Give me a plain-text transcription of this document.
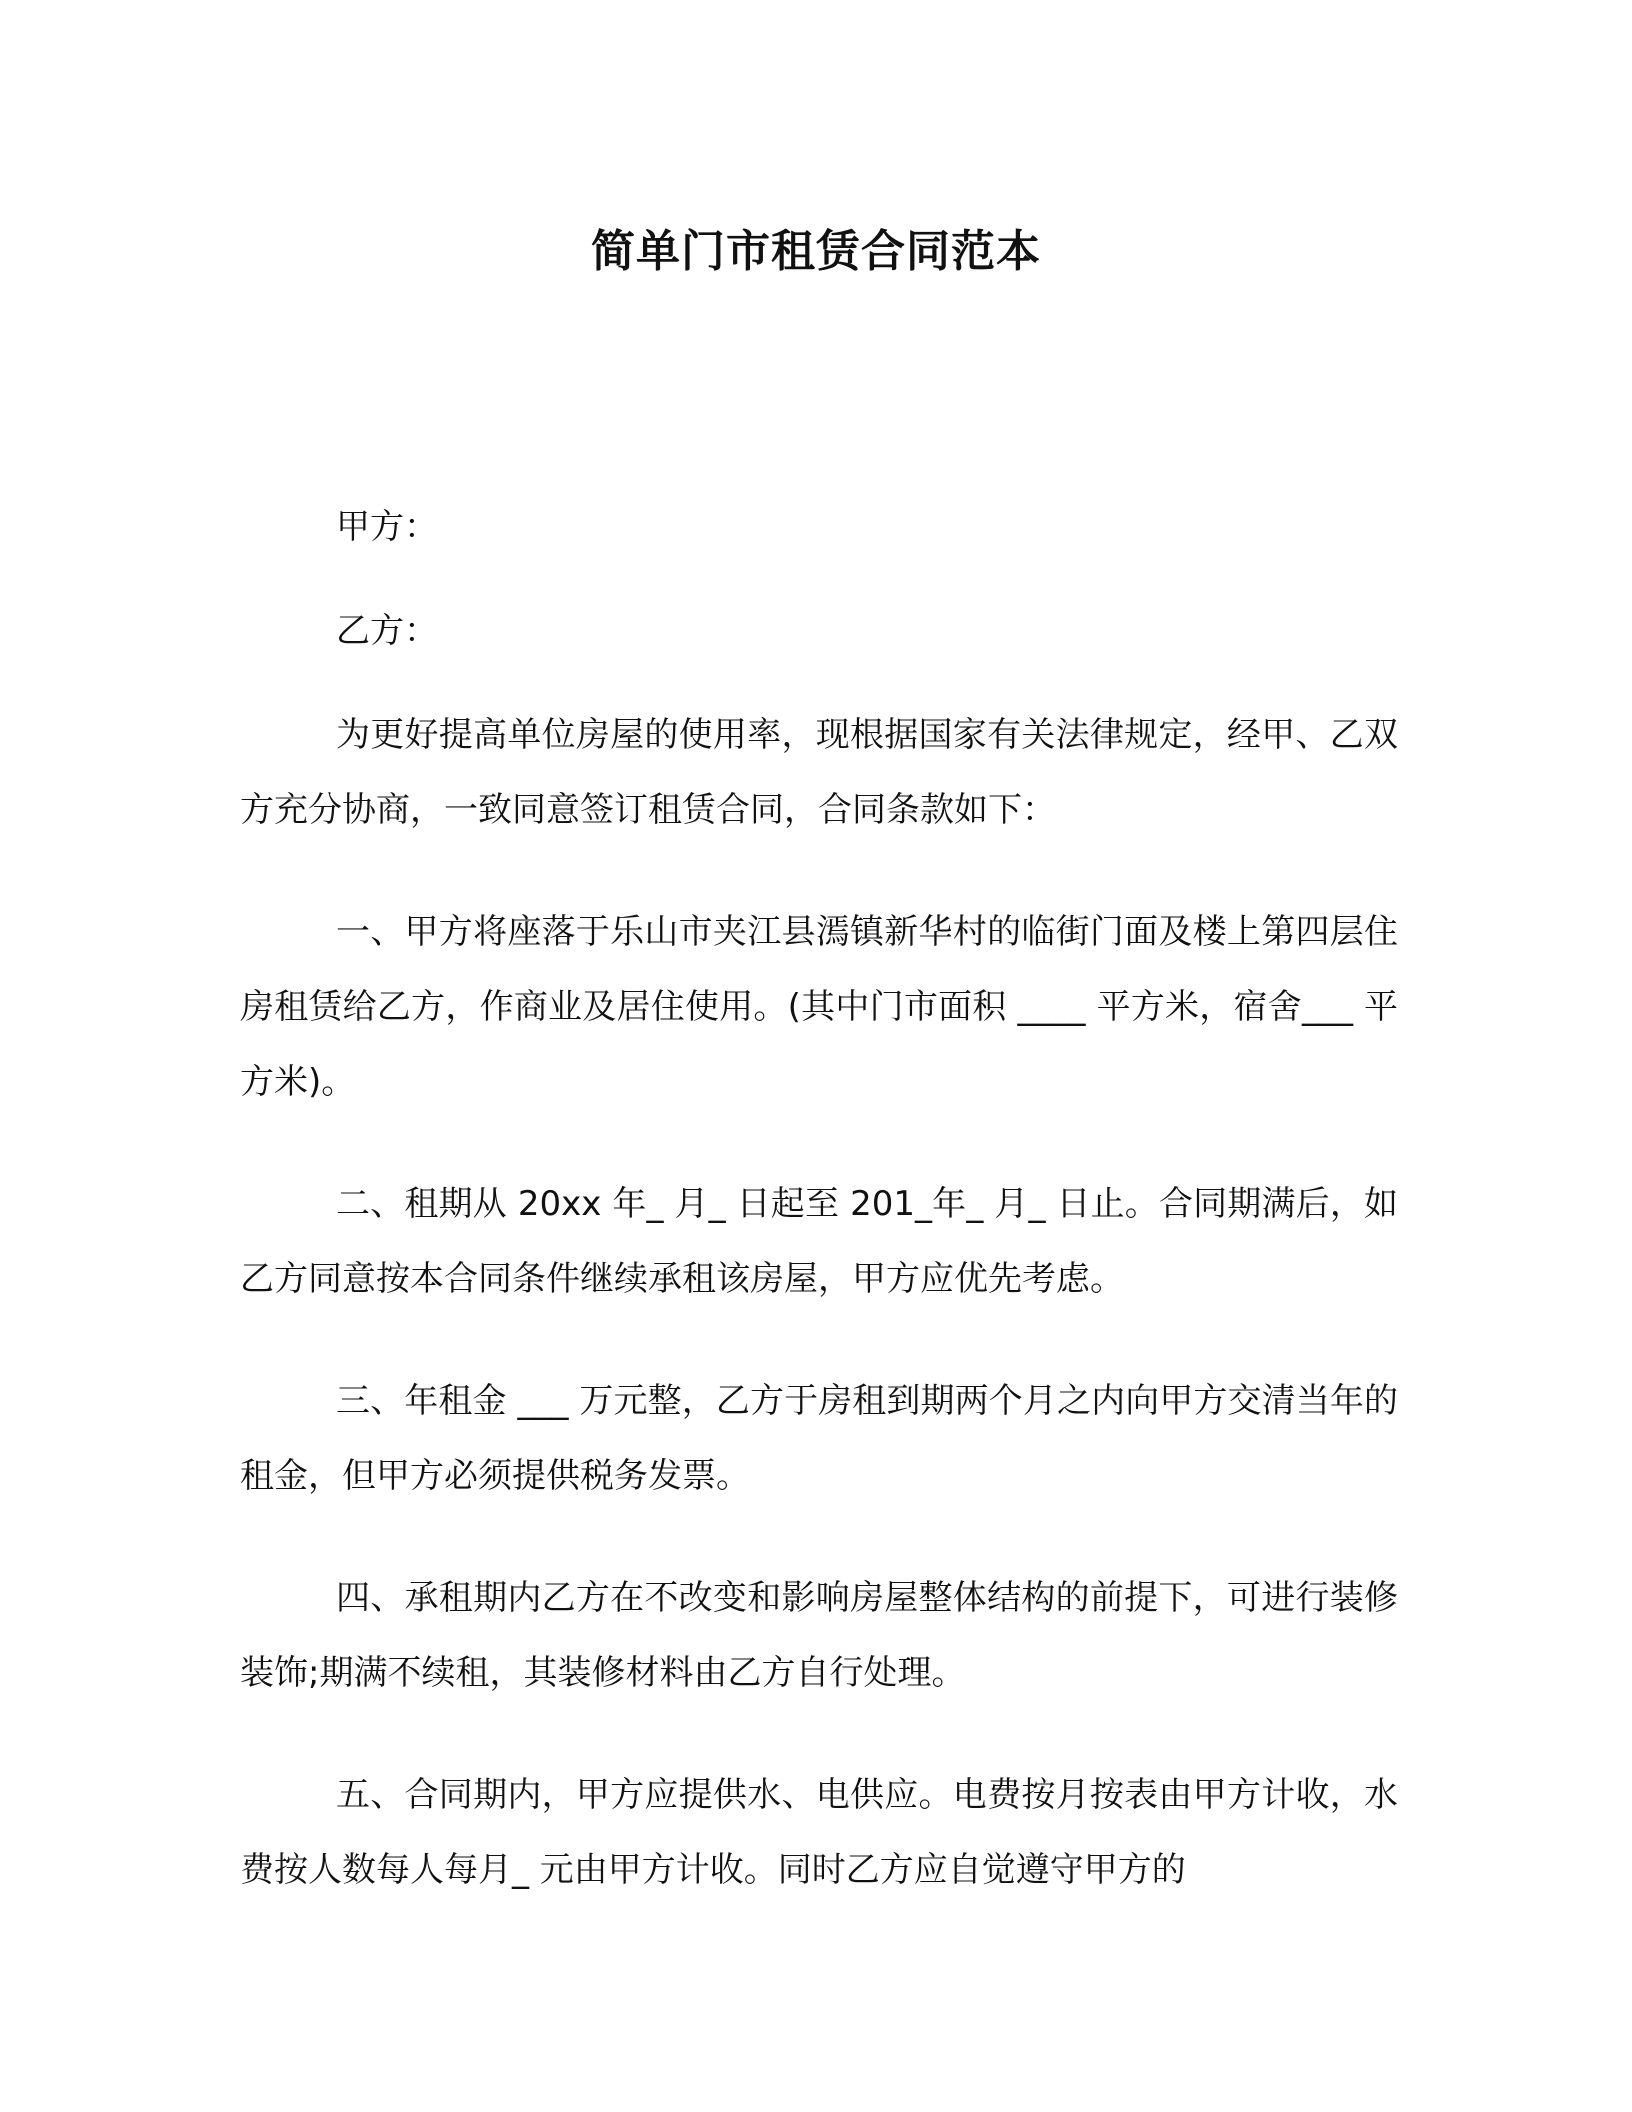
简单门市租赁合同范本

甲方：

乙方：

为更好提高单位房屋的使用率，现根据国家有关法律规定，经甲、乙双方充分协商，一致同意签订租赁合同，合同条款如下：

一、甲方将座落于乐山市夹江县漹镇新华村的临街门面及楼上第四层住房租赁给乙方，作商业及居住使用。(其中门市面积 ____ 平方米，宿舍___ 平方米)。

二、租期从 20xx 年_ 月_ 日起至 201_年_ 月_ 日止。合同期满后，如乙方同意按本合同条件继续承租该房屋，甲方应优先考虑。

三、年租金 ___ 万元整，乙方于房租到期两个月之内向甲方交清当年的租金，但甲方必须提供税务发票。

四、承租期内乙方在不改变和影响房屋整体结构的前提下，可进行装修装饰;期满不续租，其装修材料由乙方自行处理。

五、合同期内，甲方应提供水、电供应。电费按月按表由甲方计收，水费按人数每人每月_ 元由甲方计收。同时乙方应自觉遵守甲方的
